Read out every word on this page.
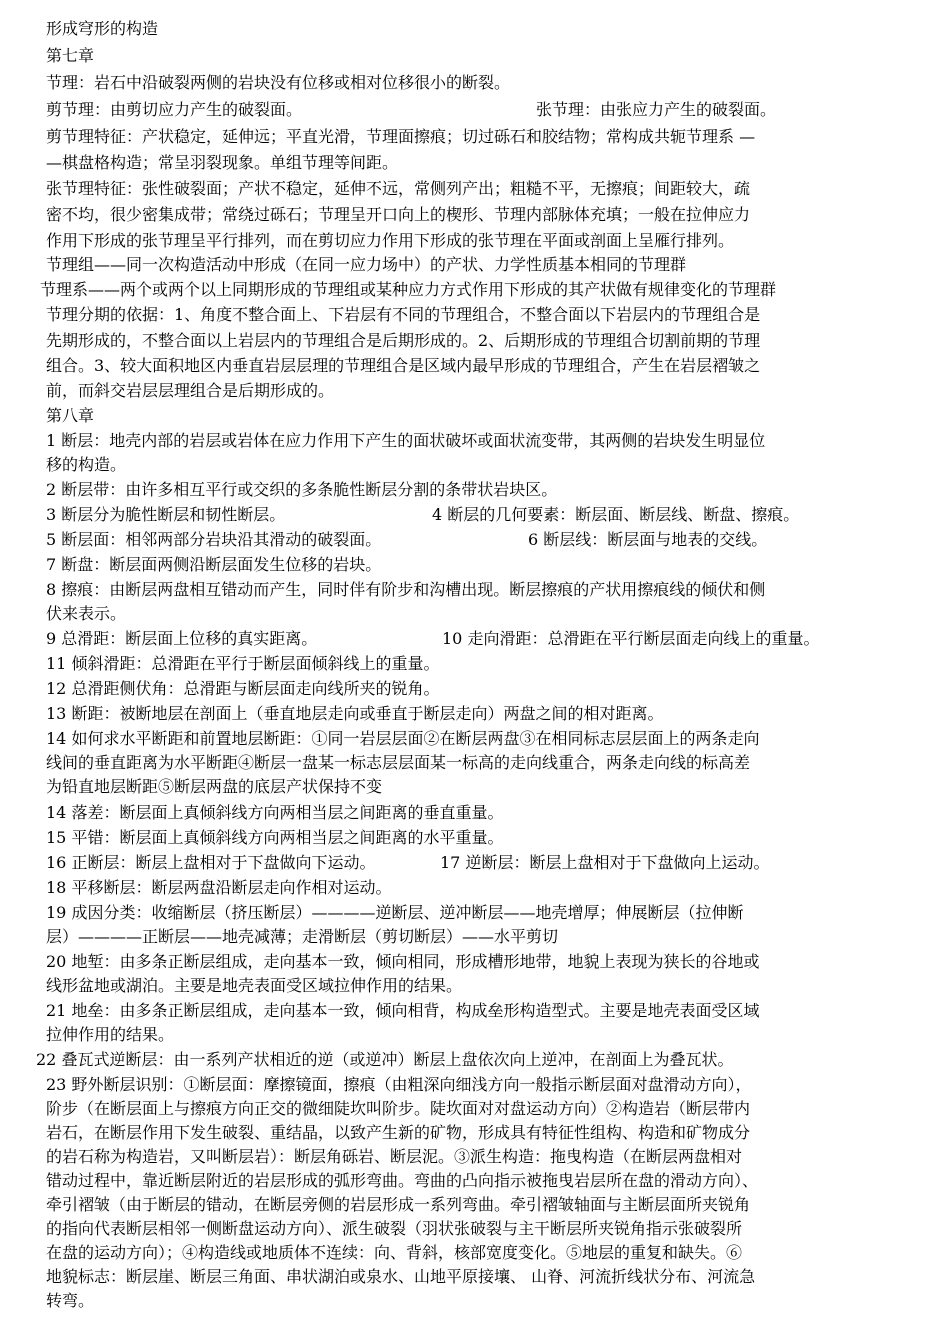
形成穹形的构造
第七章
节理：岩石中沿破裂两侧的岩块没有位移或相对位移很小的断裂。
剪节理：由剪切应力产生的破裂面。	张节理：由张应力产生的破裂面。
剪节理特征：产状稳定，延伸远；平直光滑，节理面擦痕；切过砾石和胶结物；常构成共轭节理系 —
—棋盘格构造；常呈羽裂现象。单组节理等间距。
张节理特征：张性破裂面；产状不稳定，延伸不远，常侧列产出；粗糙不平，无擦痕；间距较大，疏
密不均，很少密集成带；常绕过砾石；节理呈开口向上的楔形、节理内部脉体充填；一般在拉伸应力
作用下形成的张节理呈平行排列，而在剪切应力作用下形成的张节理在平面或剖面上呈雁行排列。
节理组——同一次构造活动中形成（在同一应力场中）的产状、力学性质基本相同的节理群
节理系——两个或两个以上同期形成的节理组或某种应力方式作用下形成的其产状做有规律变化的节理群
节理分期的依据：1、角度不整合面上、下岩层有不同的节理组合，不整合面以下岩层内的节理组合是
先期形成的，不整合面以上岩层内的节理组合是后期形成的。2、后期形成的节理组合切割前期的节理
组合。3、较大面积地区内垂直岩层层理的节理组合是区域内最早形成的节理组合，产生在岩层褶皱之
前，而斜交岩层层理组合是后期形成的。
第八章
1 断层：地壳内部的岩层或岩体在应力作用下产生的面状破坏或面状流变带，其两侧的岩块发生明显位
移的构造。
2 断层带：由许多相互平行或交织的多条脆性断层分割的条带状岩块区。
3 断层分为脆性断层和韧性断层。	4 断层的几何要素：断层面、断层线、断盘、擦痕。
5 断层面：相邻两部分岩块沿其滑动的破裂面。	6 断层线：断层面与地表的交线。
7 断盘：断层面两侧沿断层面发生位移的岩块。
8 擦痕：由断层两盘相互错动而产生，同时伴有阶步和沟槽出现。断层擦痕的产状用擦痕线的倾伏和侧
伏来表示。
9 总滑距：断层面上位移的真实距离。	10 走向滑距：总滑距在平行断层面走向线上的重量。
11 倾斜滑距：总滑距在平行于断层面倾斜线上的重量。
12 总滑距侧伏角：总滑距与断层面走向线所夹的锐角。
13 断距：被断地层在剖面上（垂直地层走向或垂直于断层走向）两盘之间的相对距离。
14 如何求水平断距和前置地层断距：①同一岩层层面②在断层两盘③在相同标志层层面上的两条走向
线间的垂直距离为水平断距④断层一盘某一标志层层面某一标高的走向线重合，两条走向线的标高差
为铅直地层断距⑤断层两盘的底层产状保持不变
14 落差：断层面上真倾斜线方向两相当层之间距离的垂直重量。
15 平错：断层面上真倾斜线方向两相当层之间距离的水平重量。
16 正断层：断层上盘相对于下盘做向下运动。	17 逆断层：断层上盘相对于下盘做向上运动。
18 平移断层：断层两盘沿断层走向作相对运动。
19 成因分类：收缩断层（挤压断层）————逆断层、逆冲断层——地壳增厚；伸展断层（拉伸断
层）————正断层——地壳减薄；走滑断层（剪切断层）——水平剪切
20 地堑：由多条正断层组成，走向基本一致，倾向相同，形成槽形地带，地貌上表现为狭长的谷地或
线形盆地或湖泊。主要是地壳表面受区域拉伸作用的结果。
21 地垒：由多条正断层组成，走向基本一致，倾向相背，构成垒形构造型式。主要是地壳表面受区域
拉伸作用的结果。
22 叠瓦式逆断层：由一系列产状相近的逆（或逆冲）断层上盘依次向上逆冲，在剖面上为叠瓦状。
23 野外断层识别：①断层面：摩擦镜面，擦痕（由粗深向细浅方向一般指示断层面对盘滑动方向），
阶步（在断层面上与擦痕方向正交的微细陡坎叫阶步。陡坎面对对盘运动方向）②构造岩（断层带内
岩石，在断层作用下发生破裂、重结晶，以致产生新的矿物，形成具有特征性组构、构造和矿物成分
的岩石称为构造岩，又叫断层岩）：断层角砾岩、断层泥。③派生构造：拖曳构造（在断层两盘相对
错动过程中，靠近断层附近的岩层形成的弧形弯曲。弯曲的凸向指示被拖曳岩层所在盘的滑动方向）、
牵引褶皱（由于断层的错动，在断层旁侧的岩层形成一系列弯曲。牵引褶皱轴面与主断层面所夹锐角
的指向代表断层相邻一侧断盘运动方向）、派生破裂（羽状张破裂与主干断层所夹锐角指示张破裂所
在盘的运动方向）；④构造线或地质体不连续：向、背斜，核部宽度变化。⑤地层的重复和缺失。⑥
地貌标志：断层崖、断层三角面、串状湖泊或泉水、山地平原接壤、 山脊、河流折线状分布、河流急
转弯。
